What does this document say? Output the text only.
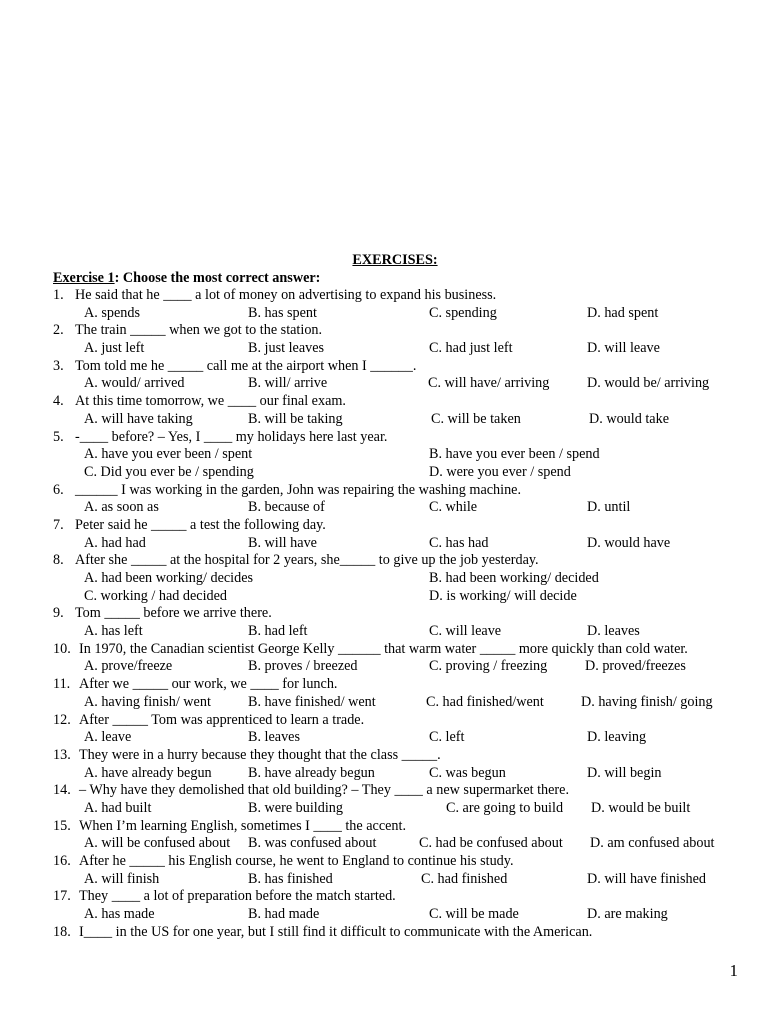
EXERCISES:
Exercise 1: Choose the most correct answer:
1. He said that he ____ a lot of money on advertising to expand his business.
A. spends	B. has spent	C. spending	D. had spent
2. The train _____ when we got to the station.
A. just left	B. just leaves	C. had just left	D. will leave
3. Tom told me he _____ call me at the airport when I ______.
A. would/ arrived	B. will/ arrive	C. will have/ arriving	D. would be/ arriving
4. At this time tomorrow, we ____ our final exam.
A. will have taking	B. will be taking	C. will be taken	D. would take
5. -____ before? – Yes, I ____ my holidays here last year.
A. have you ever been / spent	B. have you ever been / spend
C. Did you ever be / spending	D. were you ever / spend
6. ______ I was working in the garden, John was repairing the washing machine.
A. as soon as	B. because of	C. while	D. until
7. Peter said he _____ a test the following day.
A. had had	B. will have	C. has had	D. would have
8. After she _____ at the hospital for 2 years, she_____ to give up the job yesterday.
A. had been working/ decides	B. had been working/ decided
C. working / had decided	D. is working/ will decide
9. Tom _____ before we arrive there.
A. has left	B. had left	C. will leave	D. leaves
10. In 1970, the Canadian scientist George Kelly ______ that warm water _____ more quickly than cold water.
A. prove/freeze	B. proves / breezed	C. proving / freezing	D. proved/freezes
11. After we _____ our work, we ____ for lunch.
A. having finish/ went	B. have finished/ went	C. had finished/went	D. having finish/ going
12. After _____ Tom was apprenticed to learn a trade.
A. leave	B. leaves	C. left	D. leaving
13. They were in a hurry because they thought that the class _____.
A. have already begun	B. have already begun	C. was begun	D. will begin
14. – Why have they demolished that old building? – They ____ a new supermarket there.
A. had built	B. were building	C. are going to build D. would be built
15. When I’m learning English, sometimes I ____ the accent.
A. will be confused about B. was confused about	C. had be confused about D. am confused about
16. After he _____ his English course, he went to England to continue his study.
A. will finish	B. has finished	C. had finished	D. will have finished
17. They ____ a lot of preparation before the match started.
A. has made	B. had made	C. will be made	D. are making
18. I____ in the US for one year, but I still find it difficult to communicate with the American.
1
